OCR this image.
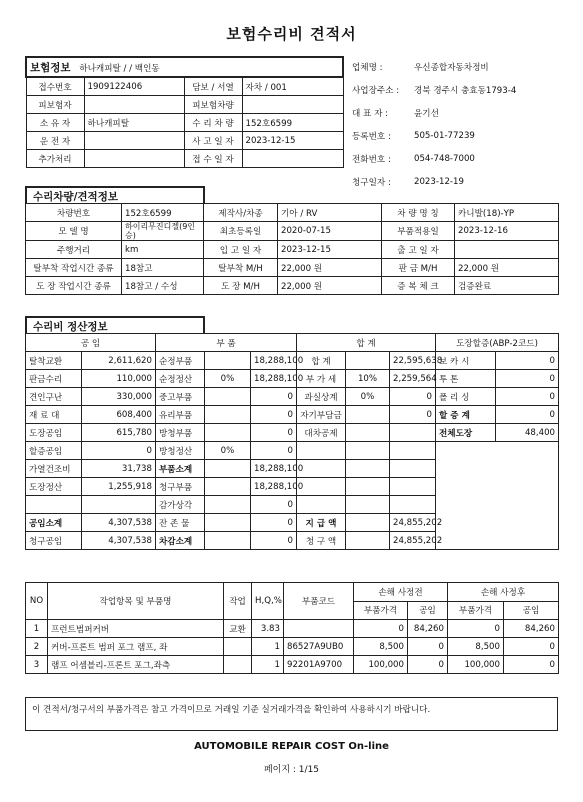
보험수리비 견적서
보험정보 하나캐피탈 / / 백인동			
접수번호	1909122406	담보 / 서열	자차 / 001
피보험자		피보험차량	
소 유 자	하나캐피탈	수 리 차 량	152호6599
운 전 자		사 고 일 자	2023-12-15
추가처리		접 수 일 자	
업체명 :	우신종합자동차정비
사업장주소 :	경북 경주시 충효동1793-4
대 표 자 :	윤기선
등록번호 :	505-01-77239
전화번호 :	054-748-7000
청구일자 :	2023-12-19
수리차량/견적정보
차량번호	152호6599	제작사/차종	기아 / RV	차 량 명 칭	카니발(18)-YP
모 델 명	하이리무진디젤(9인승)	최초등록일	2020-07-15	부품적용일	2023-12-16
주행거리	km	입 고 일 자	2023-12-15	출 고 일 자	
탈부착 작업시간 종류	18참고	탈부착 M/H	22,000 원	판 금 M/H	22,000 원
도 장 작업시간 종류	18참고 / 수성	도 장 M/H	22,000 원	증 복 체 크	검증완료
수리비 정산정보
공 임		부 품			합 계			도장할증(ABP-2코드)	
탈착교환	2,611,620	순정부품		18,288,100	합 계		22,595,638	보 카 시	0
판금수리	110,000	순정정산	0%	18,288,100	부 가 세	10%	2,259,564	투 톤	0
견인구난	330,000	중고부품		0	과실상계	0%	0	폴 리 싱	0
재 료 대	608,400	유리부품		0	자기부담금		0	할 증 계	0
도장공임	615,780	방청부품		0	대차공제			전체도장	48,400
할증공임	0	방청정산	0%	0					
가열건조비	31,738	부품소계		18,288,100					
도장정산	1,255,918	청구부품		18,288,100					
		감가상각		0					
공임소계	4,307,538	잔 존 물		0	지 급 액		24,855,202		
청구공임	4,307,538	차감소계		0	청 구 액		24,855,202		
NO	작업항목 및 부품명	작업	H,Q,%	부품코드	손해 사정전		손해 사정후	
					부품가격	공임	부품가격	공임
1	프런트범퍼커버	교환	3.83		0	84,260	0	84,260
2	커버-프론트 범퍼 포그 램프, 좌		1	86527A9UB0	8,500	0	8,500	0
3	램프 어셈블리-프론트 포그,좌측		1	92201A9700	100,000	0	100,000	0
이 견적서/청구서의 부품가격은 참고 가격이므로 거래일 기준 실거래가격을 확인하여 사용하시기 바랍니다.
AUTOMOBILE REPAIR COST On-line
페이지 : 1/15
